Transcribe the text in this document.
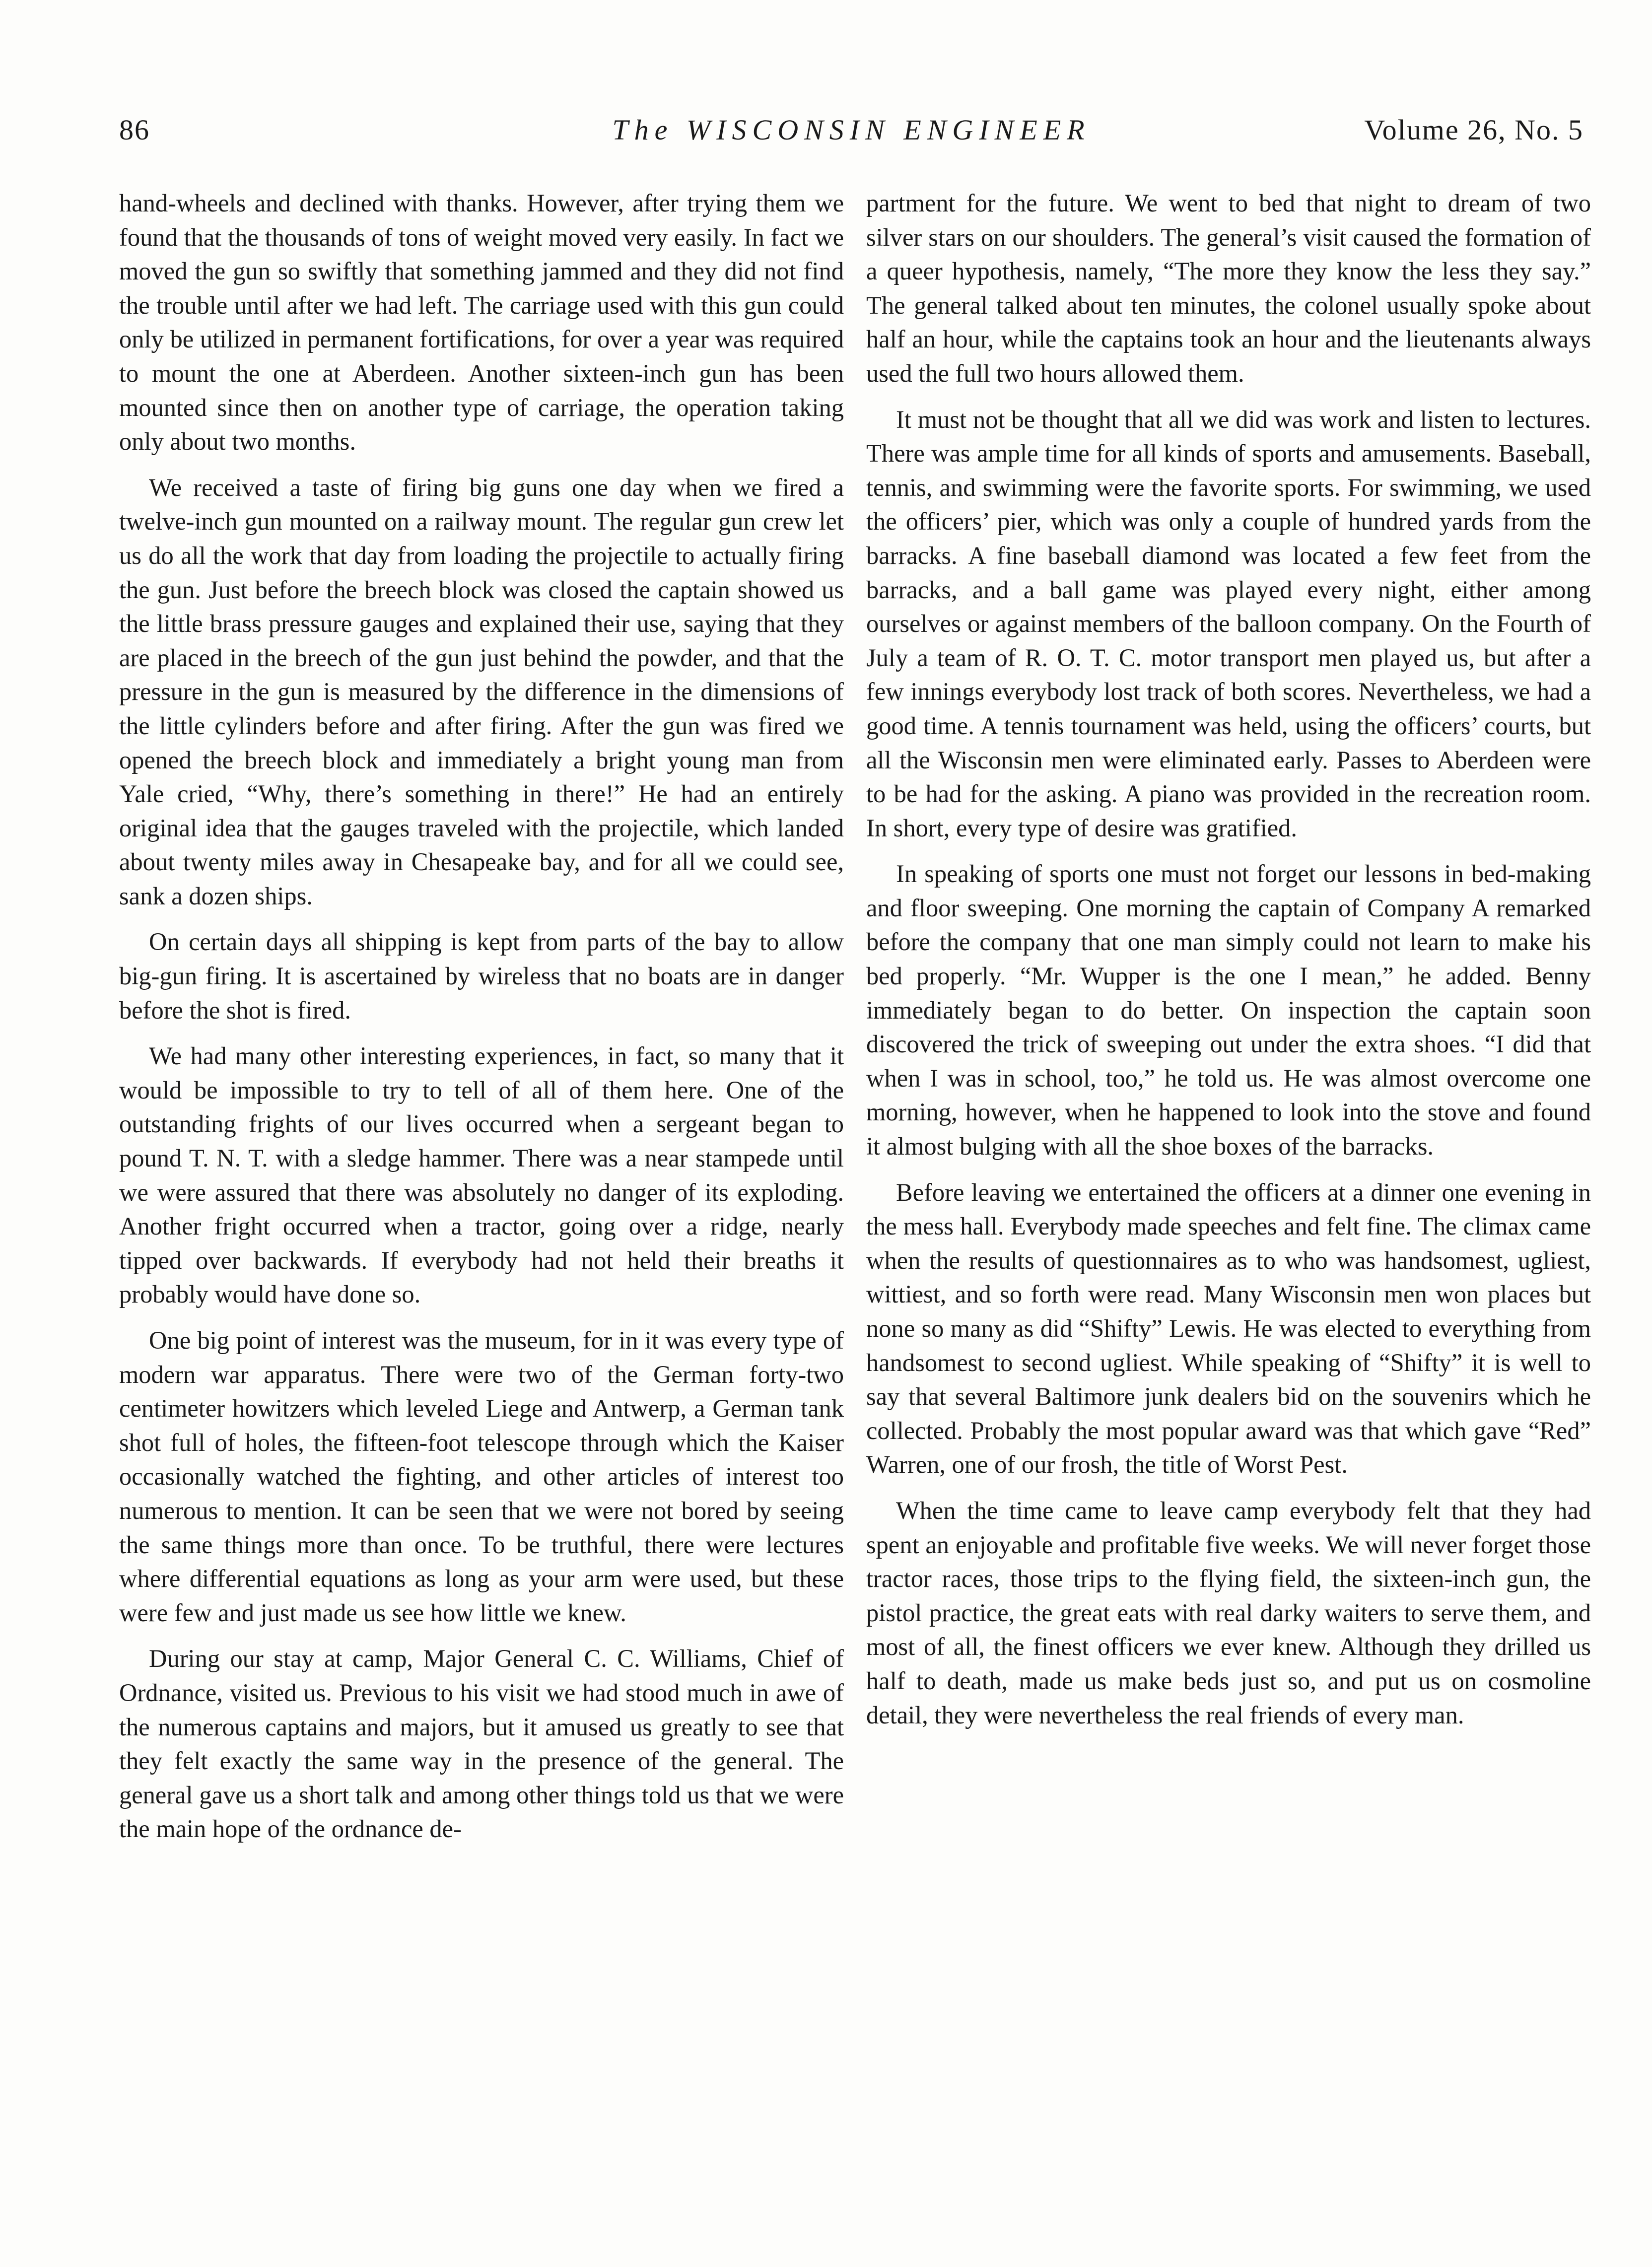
86	The WISCONSIN ENGINEER	Volume 26, No. 5

hand-wheels and declined with thanks. However, after trying them we found that the thousands of tons of weight moved very easily. In fact we moved the gun so swiftly that something jammed and they did not find the trouble until after we had left. The carriage used with this gun could only be utilized in permanent fortifications, for over a year was required to mount the one at Aberdeen. Another sixteen-inch gun has been mounted since then on another type of carriage, the operation taking only about two months.

We received a taste of firing big guns one day when we fired a twelve-inch gun mounted on a railway mount. The regular gun crew let us do all the work that day from loading the projectile to actually firing the gun. Just before the breech block was closed the captain showed us the little brass pressure gauges and explained their use, saying that they are placed in the breech of the gun just behind the powder, and that the pressure in the gun is measured by the difference in the dimensions of the little cylinders before and after firing. After the gun was fired we opened the breech block and immediately a bright young man from Yale cried, “Why, there’s something in there!” He had an entirely original idea that the gauges traveled with the projectile, which landed about twenty miles away in Chesapeake bay, and for all we could see, sank a dozen ships.

On certain days all shipping is kept from parts of the bay to allow big-gun firing. It is ascertained by wireless that no boats are in danger before the shot is fired.

We had many other interesting experiences, in fact, so many that it would be impossible to try to tell of all of them here. One of the outstanding frights of our lives occurred when a sergeant began to pound T. N. T. with a sledge hammer. There was a near stampede until we were assured that there was absolutely no danger of its exploding. Another fright occurred when a tractor, going over a ridge, nearly tipped over backwards. If everybody had not held their breaths it probably would have done so.

One big point of interest was the museum, for in it was every type of modern war apparatus. There were two of the German forty-two centimeter howitzers which leveled Liege and Antwerp, a German tank shot full of holes, the fifteen-foot telescope through which the Kaiser occasionally watched the fighting, and other articles of interest too numerous to mention. It can be seen that we were not bored by seeing the same things more than once. To be truthful, there were lectures where differential equations as long as your arm were used, but these were few and just made us see how little we knew.

During our stay at camp, Major General C. C. Williams, Chief of Ordnance, visited us. Previous to his visit we had stood much in awe of the numerous captains and majors, but it amused us greatly to see that they felt exactly the same way in the presence of the general. The general gave us a short talk and among other things told us that we were the main hope of the ordnance de-

partment for the future. We went to bed that night to dream of two silver stars on our shoulders. The general’s visit caused the formation of a queer hypothesis, namely, “The more they know the less they say.” The general talked about ten minutes, the colonel usually spoke about half an hour, while the captains took an hour and the lieutenants always used the full two hours allowed them.

It must not be thought that all we did was work and listen to lectures. There was ample time for all kinds of sports and amusements. Baseball, tennis, and swimming were the favorite sports. For swimming, we used the officers’ pier, which was only a couple of hundred yards from the barracks. A fine baseball diamond was located a few feet from the barracks, and a ball game was played every night, either among ourselves or against members of the balloon company. On the Fourth of July a team of R. O. T. C. motor transport men played us, but after a few innings everybody lost track of both scores. Nevertheless, we had a good time. A tennis tournament was held, using the officers’ courts, but all the Wisconsin men were eliminated early. Passes to Aberdeen were to be had for the asking. A piano was provided in the recreation room. In short, every type of desire was gratified.

In speaking of sports one must not forget our lessons in bed-making and floor sweeping. One morning the captain of Company A remarked before the company that one man simply could not learn to make his bed properly. “Mr. Wupper is the one I mean,” he added. Benny immediately began to do better. On inspection the captain soon discovered the trick of sweeping out under the extra shoes. “I did that when I was in school, too,” he told us. He was almost overcome one morning, however, when he happened to look into the stove and found it almost bulging with all the shoe boxes of the barracks.

Before leaving we entertained the officers at a dinner one evening in the mess hall. Everybody made speeches and felt fine. The climax came when the results of questionnaires as to who was handsomest, ugliest, wittiest, and so forth were read. Many Wisconsin men won places but none so many as did “Shifty” Lewis. He was elected to everything from handsomest to second ugliest. While speaking of “Shifty” it is well to say that several Baltimore junk dealers bid on the souvenirs which he collected. Probably the most popular award was that which gave “Red” Warren, one of our frosh, the title of Worst Pest.

When the time came to leave camp everybody felt that they had spent an enjoyable and profitable five weeks. We will never forget those tractor races, those trips to the flying field, the sixteen-inch gun, the pistol practice, the great eats with real darky waiters to serve them, and most of all, the finest officers we ever knew. Although they drilled us half to death, made us make beds just so, and put us on cosmoline detail, they were nevertheless the real friends of every man.
